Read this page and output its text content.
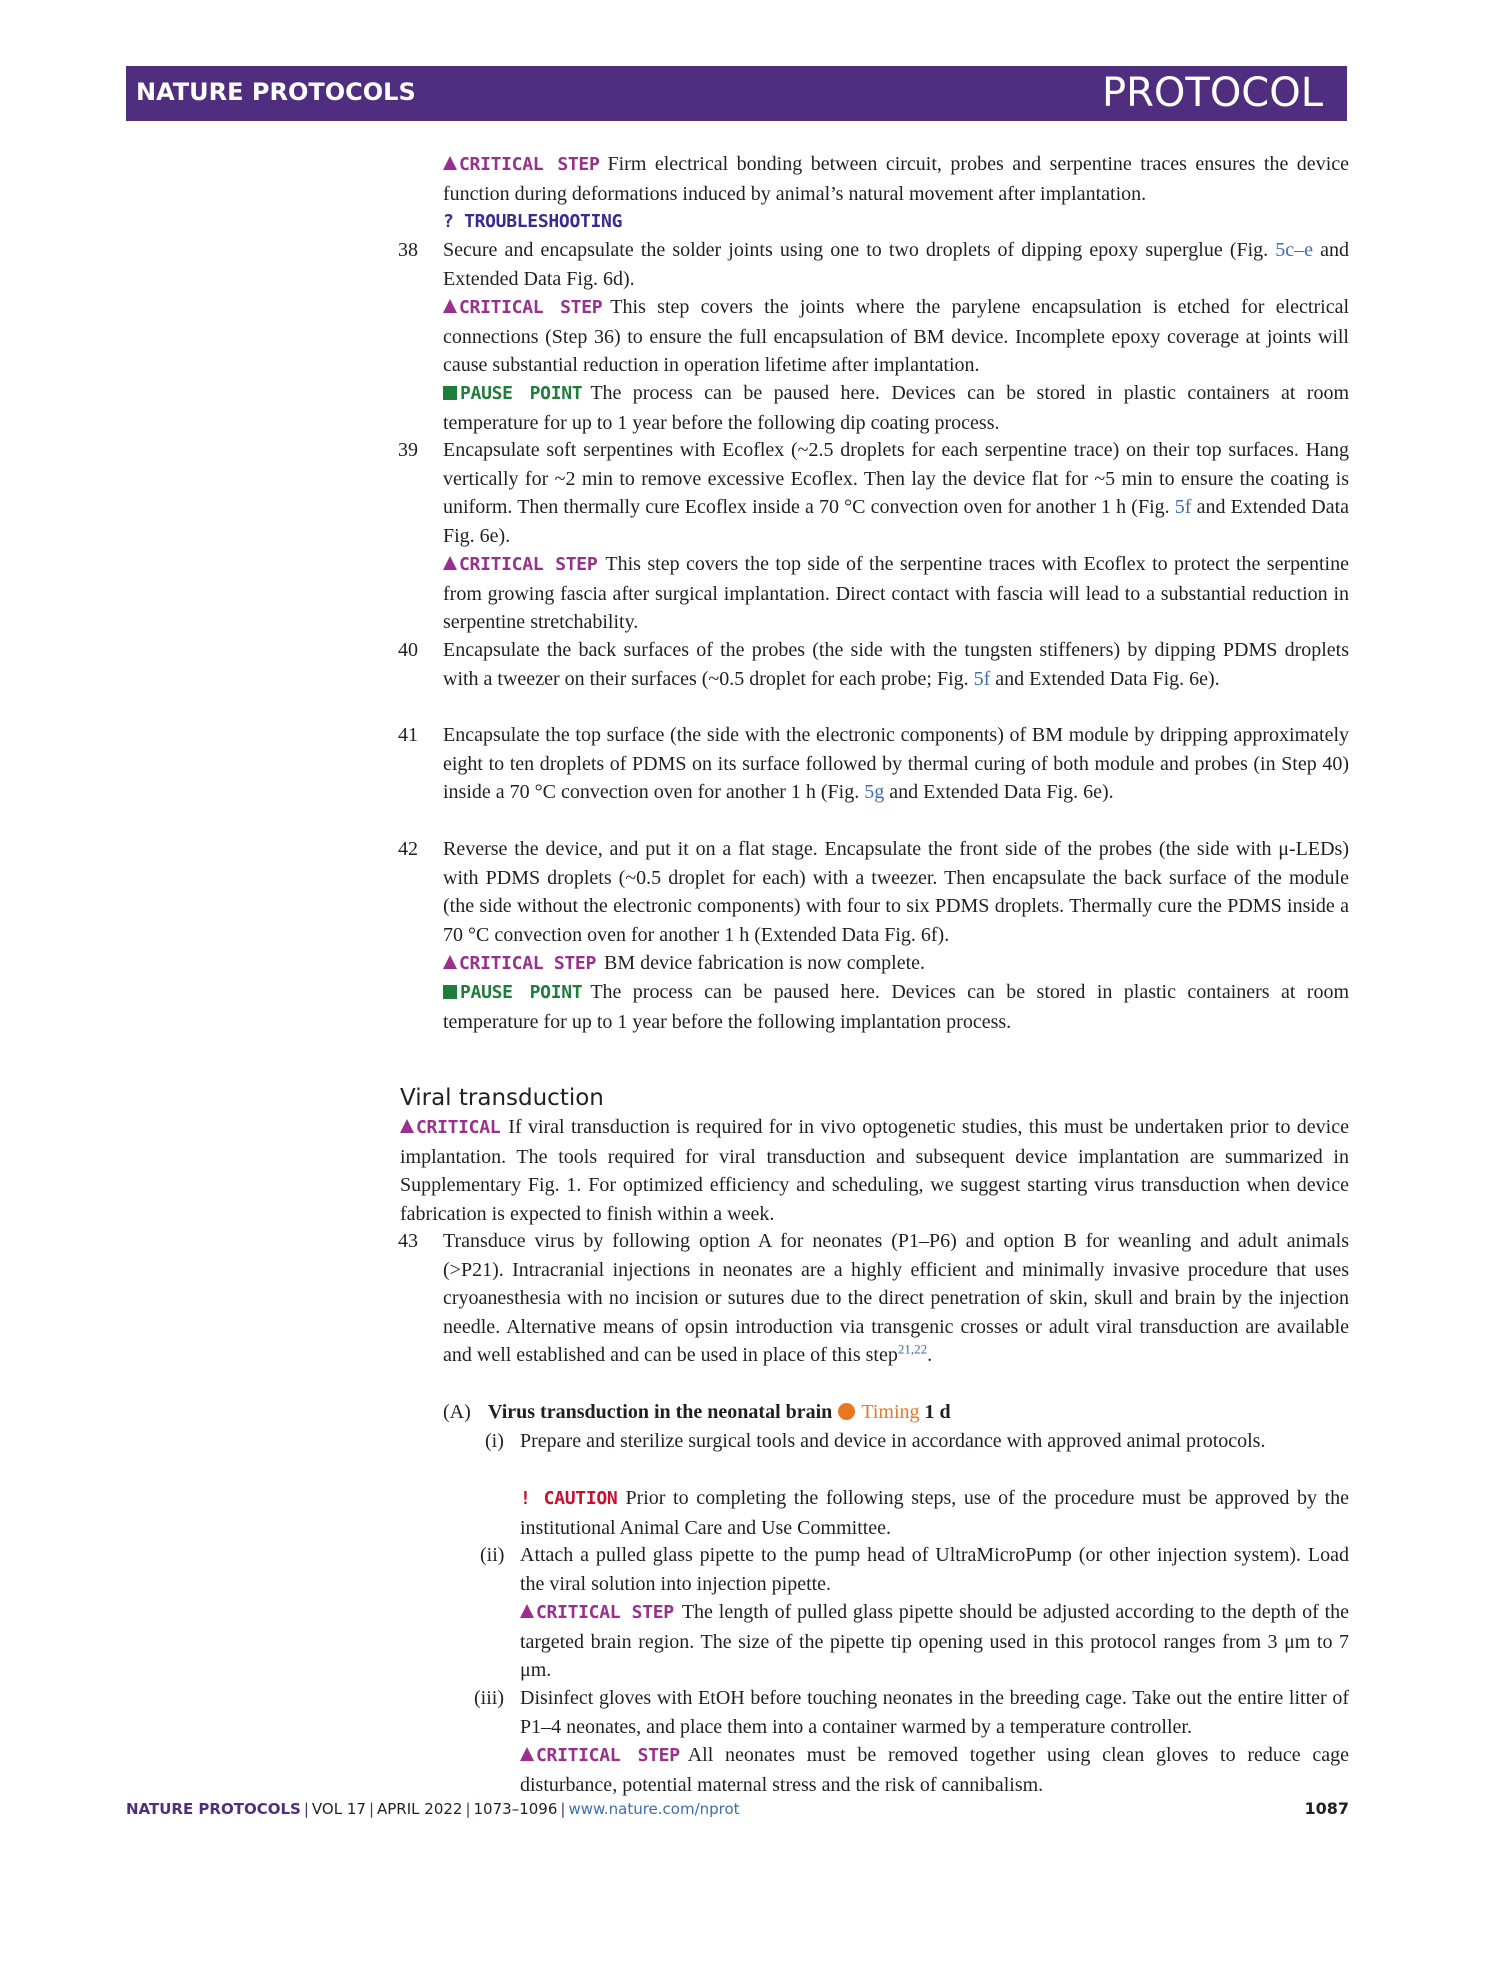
NATURE PROTOCOLS	PROTOCOL
CRITICAL STEP Firm electrical bonding between circuit, probes and serpentine traces ensures the device function during deformations induced by animal’s natural movement after implantation.
? TROUBLESHOOTING
38 Secure and encapsulate the solder joints using one to two droplets of dipping epoxy superglue (Fig. 5c–e and Extended Data Fig. 6d).
CRITICAL STEP This step covers the joints where the parylene encapsulation is etched for electrical connections (Step 36) to ensure the full encapsulation of BM device. Incomplete epoxy coverage at joints will cause substantial reduction in operation lifetime after implantation.
PAUSE POINT The process can be paused here. Devices can be stored in plastic containers at room temperature for up to 1 year before the following dip coating process.
39 Encapsulate soft serpentines with Ecoflex (~2.5 droplets for each serpentine trace) on their top surfaces. Hang vertically for ~2 min to remove excessive Ecoflex. Then lay the device flat for ~5 min to ensure the coating is uniform. Then thermally cure Ecoflex inside a 70 °C convection oven for another 1 h (Fig. 5f and Extended Data Fig. 6e).
CRITICAL STEP This step covers the top side of the serpentine traces with Ecoflex to protect the serpentine from growing fascia after surgical implantation. Direct contact with fascia will lead to a substantial reduction in serpentine stretchability.
40 Encapsulate the back surfaces of the probes (the side with the tungsten stiffeners) by dipping PDMS droplets with a tweezer on their surfaces (~0.5 droplet for each probe; Fig. 5f and Extended Data Fig. 6e).
41 Encapsulate the top surface (the side with the electronic components) of BM module by dripping approximately eight to ten droplets of PDMS on its surface followed by thermal curing of both module and probes (in Step 40) inside a 70 °C convection oven for another 1 h (Fig. 5g and Extended Data Fig. 6e).
42 Reverse the device, and put it on a flat stage. Encapsulate the front side of the probes (the side with μ-LEDs) with PDMS droplets (~0.5 droplet for each) with a tweezer. Then encapsulate the back surface of the module (the side without the electronic components) with four to six PDMS droplets. Thermally cure the PDMS inside a 70 °C convection oven for another 1 h (Extended Data Fig. 6f).
CRITICAL STEP BM device fabrication is now complete.
PAUSE POINT The process can be paused here. Devices can be stored in plastic containers at room temperature for up to 1 year before the following implantation process.
Viral transduction
CRITICAL If viral transduction is required for in vivo optogenetic studies, this must be undertaken prior to device implantation. The tools required for viral transduction and subsequent device implantation are summarized in Supplementary Fig. 1. For optimized efficiency and scheduling, we suggest starting virus transduction when device fabrication is expected to finish within a week.
43 Transduce virus by following option A for neonates (P1–P6) and option B for weanling and adult animals (>P21). Intracranial injections in neonates are a highly efficient and minimally invasive procedure that uses cryoanesthesia with no incision or sutures due to the direct penetration of skin, skull and brain by the injection needle. Alternative means of opsin introduction via transgenic crosses or adult viral transduction are available and well established and can be used in place of this step$^{21,22}$.
(A) Virus transduction in the neonatal brain Timing 1 d
(i) Prepare and sterilize surgical tools and device in accordance with approved animal protocols.
! CAUTION Prior to completing the following steps, use of the procedure must be approved by the institutional Animal Care and Use Committee.
(ii) Attach a pulled glass pipette to the pump head of UltraMicroPump (or other injection system). Load the viral solution into injection pipette.
CRITICAL STEP The length of pulled glass pipette should be adjusted according to the depth of the targeted brain region. The size of the pipette tip opening used in this protocol ranges from 3 μm to 7 μm.
(iii) Disinfect gloves with EtOH before touching neonates in the breeding cage. Take out the entire litter of P1–4 neonates, and place them into a container warmed by a temperature controller.
CRITICAL STEP All neonates must be removed together using clean gloves to reduce cage disturbance, potential maternal stress and the risk of cannibalism.
NATURE PROTOCOLS | VOL 17 | APRIL 2022 | 1073–1096 | www.nature.com/nprot	1087
